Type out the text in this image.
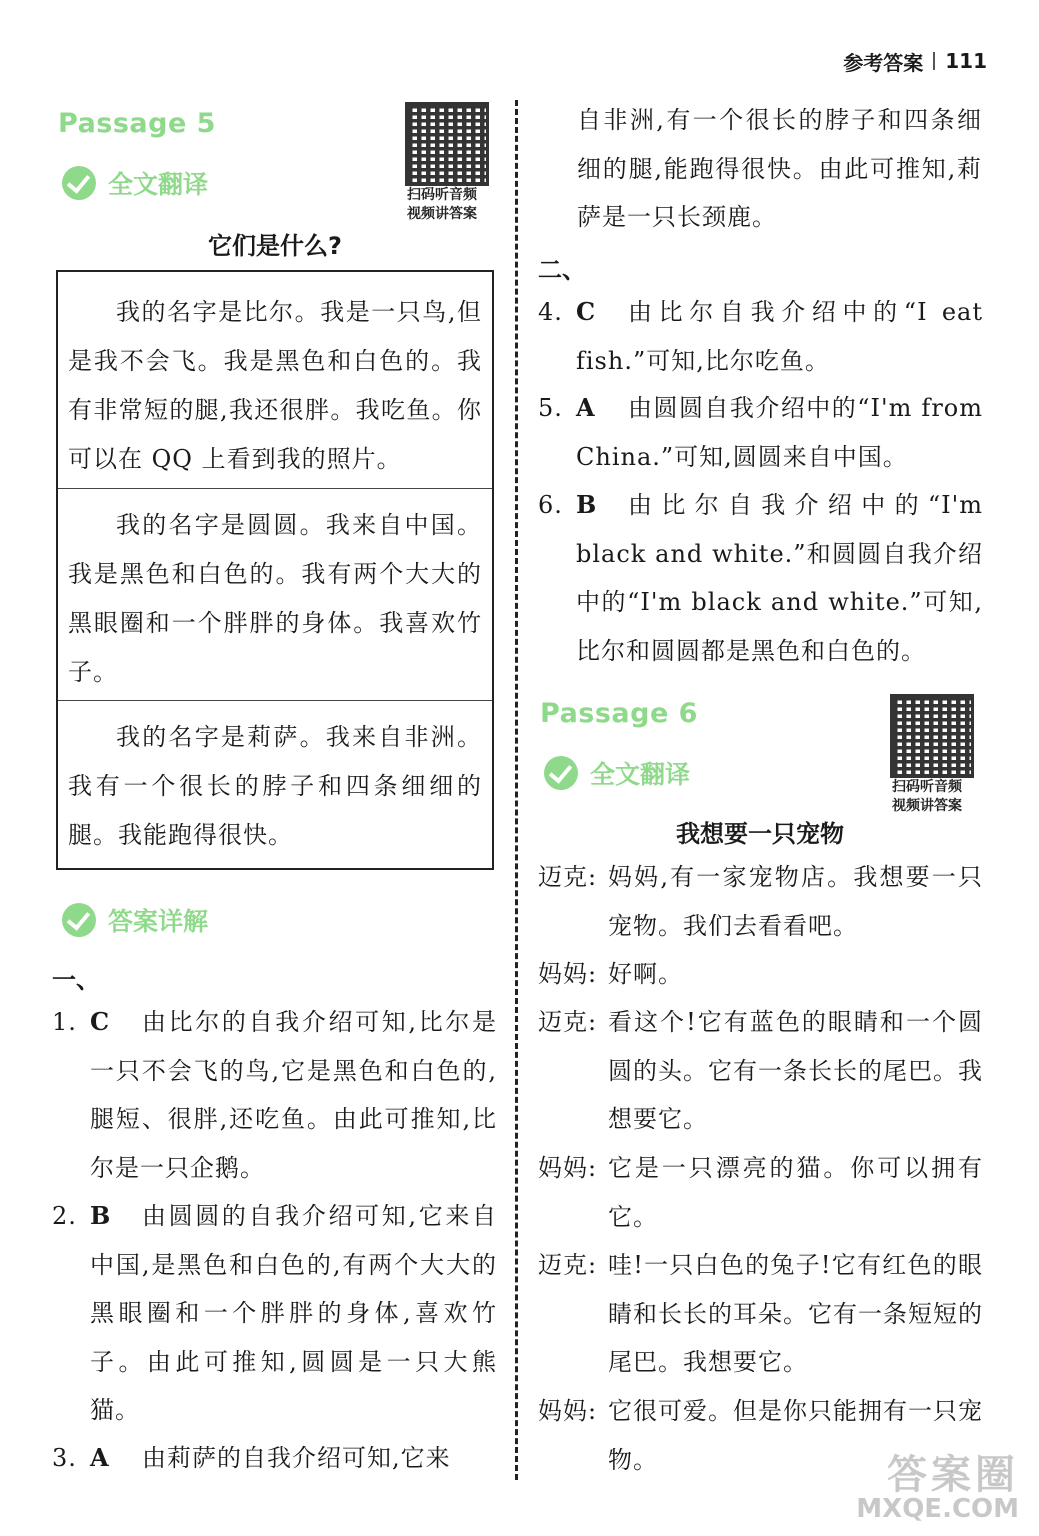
参考答案 111
Passage 5
全文翻译	扫码听音频
视频讲答案
它们是什么?

我的名字是比尔。我是一只鸟,但是我不会飞。我是黑色和白色的。我有非常短的腿,我还很胖。我吃鱼。你可以在 QQ 上看到我的照片。

我的名字是圆圆。我来自中国。我是黑色和白色的。我有两个大大的黑眼圈和一个胖胖的身体。我喜欢竹子。

我的名字是莉萨。我来自非洲。我有一个很长的脖子和四条细细的腿。我能跑得很快。

答案详解
一、
1. C	由比尔的自我介绍可知,比尔是一只不会飞的鸟,它是黑色和白色的,腿短、很胖,还吃鱼。由此可推知,比尔是一只企鹅。
2. B	由圆圆的自我介绍可知,它来自中国,是黑色和白色的,有两个大大的黑眼圈和一个胖胖的身体,喜欢竹子。由此可推知,圆圆是一只大熊猫。
3. A	由莉萨的自我介绍可知,它来
自非洲,有一个很长的脖子和四条细细的腿,能跑得很快。由此可推知,莉萨是一只长颈鹿。
二、
4. C	由比尔自我介绍中的“I eat fish.”可知,比尔吃鱼。
5. A	由圆圆自我介绍中的“I'm from China.”可知,圆圆来自中国。
6. B	由比尔自我介绍中的“I'm black and white.”和圆圆自我介绍中的“I'm black and white.”可知,比尔和圆圆都是黑色和白色的。
Passage 6
全文翻译	扫码听音频
视频讲答案
我想要一只宠物
迈克: 妈妈,有一家宠物店。我想要一只宠物。我们去看看吧。
妈妈: 好啊。
迈克: 看这个!它有蓝色的眼睛和一个圆圆的头。它有一条长长的尾巴。我想要它。
妈妈: 它是一只漂亮的猫。你可以拥有它。
迈克: 哇!一只白色的兔子!它有红色的眼睛和长长的耳朵。它有一条短短的尾巴。我想要它。
妈妈: 它很可爱。但是你只能拥有一只宠物。	答案圈
MXQE.COM
